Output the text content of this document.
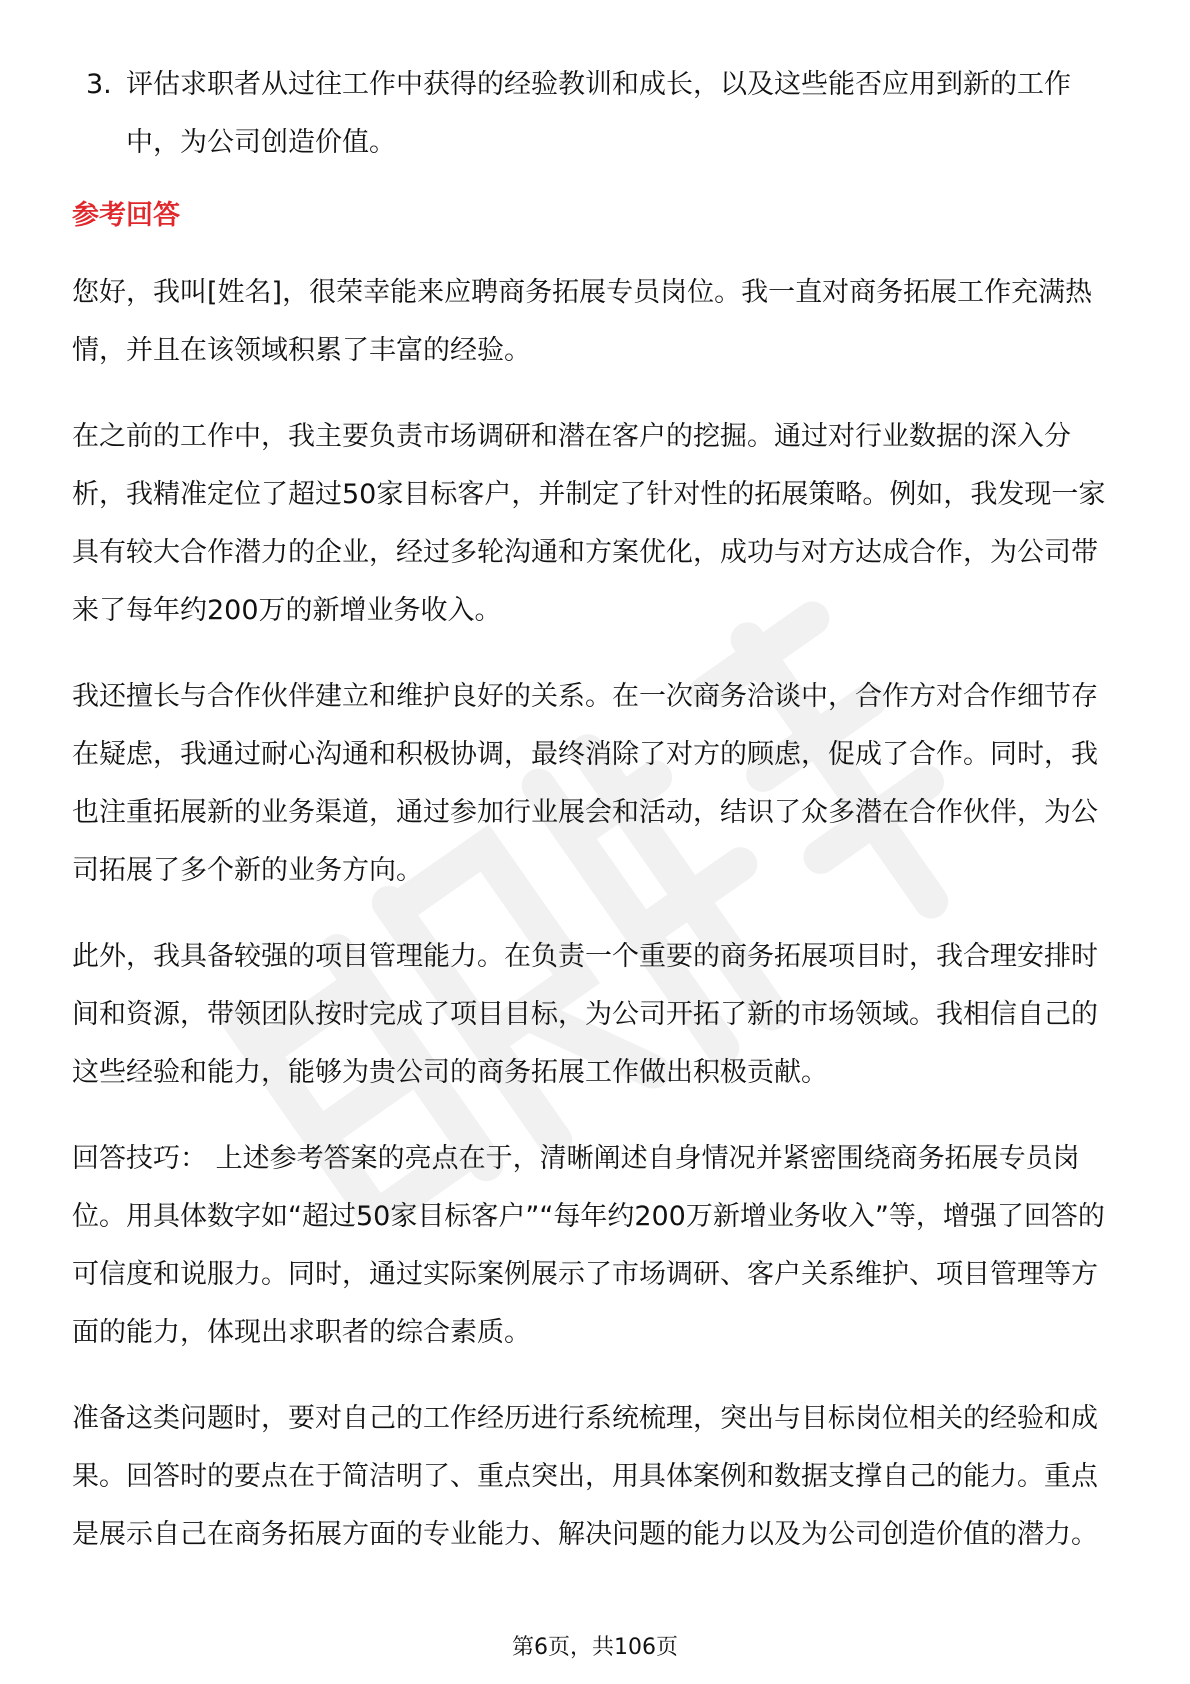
3. 评估求职者从过往工作中获得的经验教训和成长，以及这些能否应用到新的工作中，为公司创造价值。
参考回答

您好，我叫[姓名]，很荣幸能来应聘商务拓展专员岗位。我一直对商务拓展工作充满热情，并且在该领域积累了丰富的经验。

在之前的工作中，我主要负责市场调研和潜在客户的挖掘。通过对行业数据的深入分析，我精准定位了超过50家目标客户，并制定了针对性的拓展策略。例如，我发现一家具有较大合作潜力的企业，经过多轮沟通和方案优化，成功与对方达成合作，为公司带来了每年约200万的新增业务收入。

我还擅长与合作伙伴建立和维护良好的关系。在一次商务洽谈中，合作方对合作细节存在疑虑，我通过耐心沟通和积极协调，最终消除了对方的顾虑，促成了合作。同时，我也注重拓展新的业务渠道，通过参加行业展会和活动，结识了众多潜在合作伙伴，为公司拓展了多个新的业务方向。

此外，我具备较强的项目管理能力。在负责一个重要的商务拓展项目时，我合理安排时间和资源，带领团队按时完成了项目目标，为公司开拓了新的市场领域。我相信自己的这些经验和能力，能够为贵公司的商务拓展工作做出积极贡献。

回答技巧： 上述参考答案的亮点在于，清晰阐述自身情况并紧密围绕商务拓展专员岗位。用具体数字如“超过50家目标客户”“每年约200万新增业务收入”等，增强了回答的可信度和说服力。同时，通过实际案例展示了市场调研、客户关系维护、项目管理等方面的能力，体现出求职者的综合素质。

准备这类问题时，要对自己的工作经历进行系统梳理，突出与目标岗位相关的经验和成果。回答时的要点在于简洁明了、重点突出，用具体案例和数据支撑自己的能力。重点是展示自己在商务拓展方面的专业能力、解决问题的能力以及为公司创造价值的潜力。

第6页，共106页
